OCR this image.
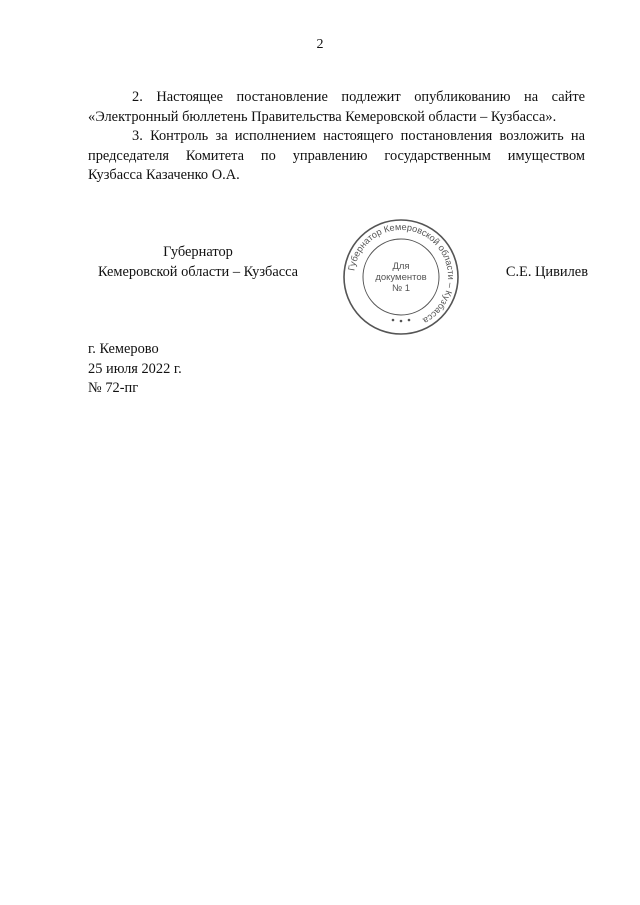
2

2. Настоящее постановление подлежит опубликованию на сайте
«Электронный бюллетень Правительства Кемеровской области – Кузбасса».

3. Контроль за исполнением настоящего постановления возложить на
председателя Комитета по управлению государственным имуществом
Кузбасса Казаченко О.А.

Губернатор
Кемеровской области – Кузбасса	Губернатор Кемеровской области – Кузбасса
Для
документов
№ 1
С.Е. Цивилев
г. Кемерово
25 июля 2022 г.
№ 72-пг
